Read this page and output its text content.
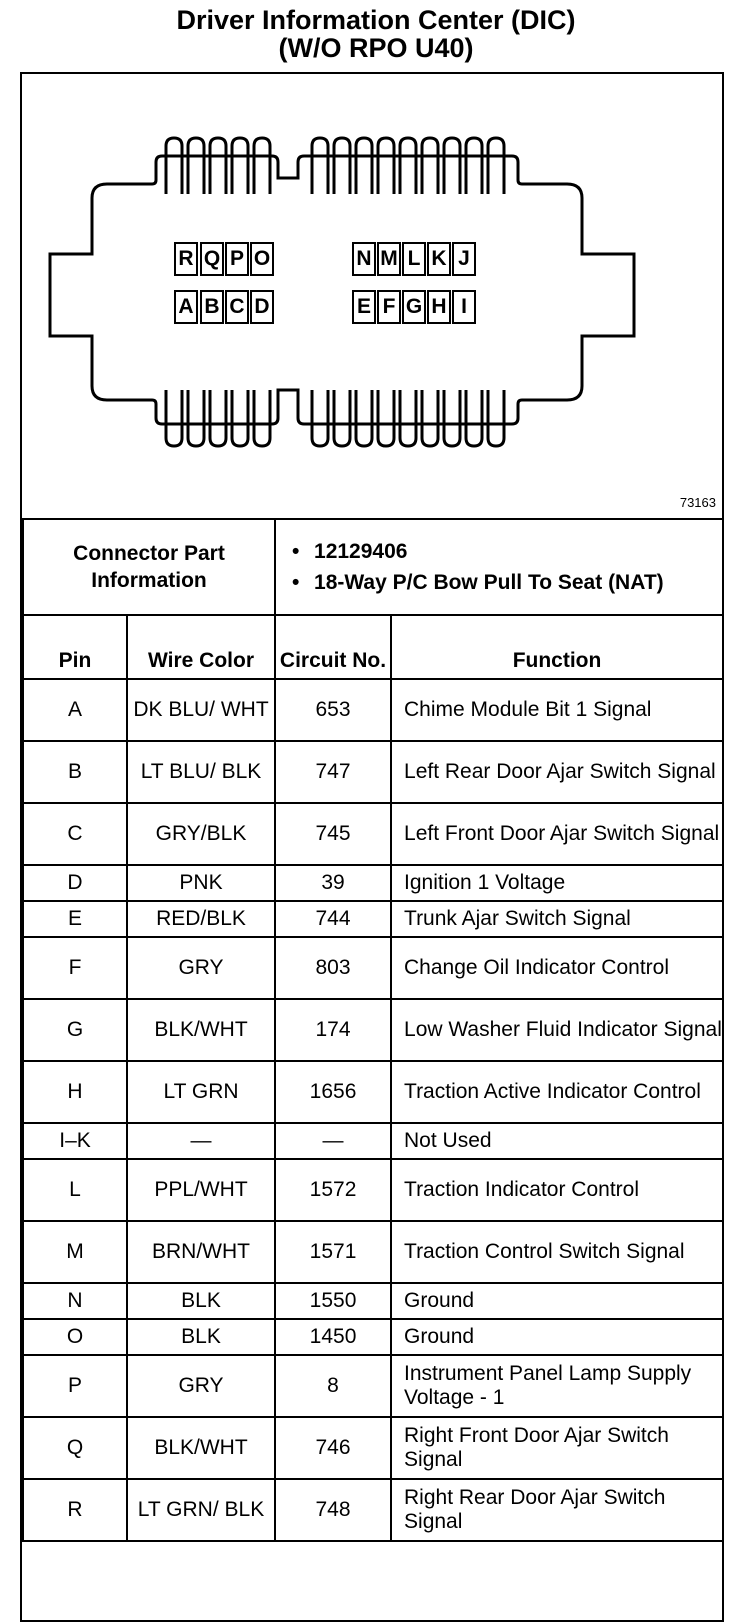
Driver Information Center (DIC)
(W/O RPO U40)
R Q P O	N M L K J
A B C D	E F G H I
73163
Connector Part Information		• 12129406
• 18-Way P/C Bow Pull To Seat (NAT)	

Pin	Wire Color	Circuit No.	Function
A	DK BLU/ WHT	653	Chime Module Bit 1 Signal
B	LT BLU/ BLK	747	Left Rear Door Ajar Switch Signal
C	GRY/BLK	745	Left Front Door Ajar Switch Signal
D	PNK	39	Ignition 1 Voltage
E	RED/BLK	744	Trunk Ajar Switch Signal
F	GRY	803	Change Oil Indicator Control
G	BLK/WHT	174	Low Washer Fluid Indicator Signal
H	LT GRN	1656	Traction Active Indicator Control
I–K	—	—	Not Used
L	PPL/WHT	1572	Traction Indicator Control
M	BRN/WHT	1571	Traction Control Switch Signal
N	BLK	1550	Ground
O	BLK	1450	Ground
P	GRY	8	Instrument Panel Lamp Supply Voltage - 1
Q	BLK/WHT	746	Right Front Door Ajar Switch Signal
R	LT GRN/ BLK	748	Right Rear Door Ajar Switch Signal
